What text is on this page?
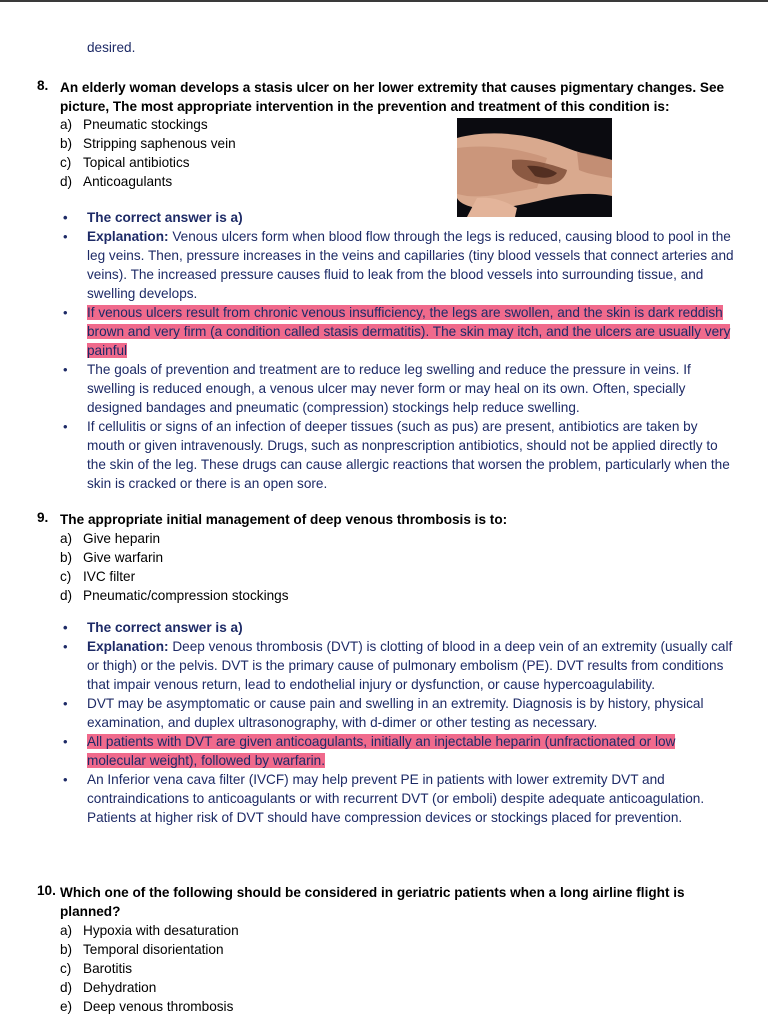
desired.
8. An elderly woman develops a stasis ulcer on her lower extremity that causes pigmentary changes. See picture, The most appropriate intervention in the prevention and treatment of this condition is:
a) Pneumatic stockings
b) Stripping saphenous vein
c) Topical antibiotics
d) Anticoagulants
• The correct answer is a)
• Explanation: Venous ulcers form when blood flow through the legs is reduced, causing blood to pool in the leg veins. Then, pressure increases in the veins and capillaries (tiny blood vessels that connect arteries and veins). The increased pressure causes fluid to leak from the blood vessels into surrounding tissue, and swelling develops.
• If venous ulcers result from chronic venous insufficiency, the legs are swollen, and the skin is dark reddish brown and very firm (a condition called stasis dermatitis). The skin may itch, and the ulcers are usually very painful
• The goals of prevention and treatment are to reduce leg swelling and reduce the pressure in veins. If swelling is reduced enough, a venous ulcer may never form or may heal on its own. Often, specially designed bandages and pneumatic (compression) stockings help reduce swelling.
• If cellulitis or signs of an infection of deeper tissues (such as pus) are present, antibiotics are taken by mouth or given intravenously. Drugs, such as nonprescription antibiotics, should not be applied directly to the skin of the leg. These drugs can cause allergic reactions that worsen the problem, particularly when the skin is cracked or there is an open sore.
9. The appropriate initial management of deep venous thrombosis is to:
a) Give heparin
b) Give warfarin
c) IVC filter
d) Pneumatic/compression stockings
• The correct answer is a)
• Explanation: Deep venous thrombosis (DVT) is clotting of blood in a deep vein of an extremity (usually calf or thigh) or the pelvis. DVT is the primary cause of pulmonary embolism (PE). DVT results from conditions that impair venous return, lead to endothelial injury or dysfunction, or cause hypercoagulability.
• DVT may be asymptomatic or cause pain and swelling in an extremity. Diagnosis is by history, physical examination, and duplex ultrasonography, with d-dimer or other testing as necessary.
• All patients with DVT are given anticoagulants, initially an injectable heparin (unfractionated or low molecular weight), followed by warfarin.
• An Inferior vena cava filter (IVCF) may help prevent PE in patients with lower extremity DVT and contraindications to anticoagulants or with recurrent DVT (or emboli) despite adequate anticoagulation. Patients at higher risk of DVT should have compression devices or stockings placed for prevention.
10. Which one of the following should be considered in geriatric patients when a long airline flight is planned?
a) Hypoxia with desaturation
b) Temporal disorientation
c) Barotitis
d) Dehydration
e) Deep venous thrombosis
